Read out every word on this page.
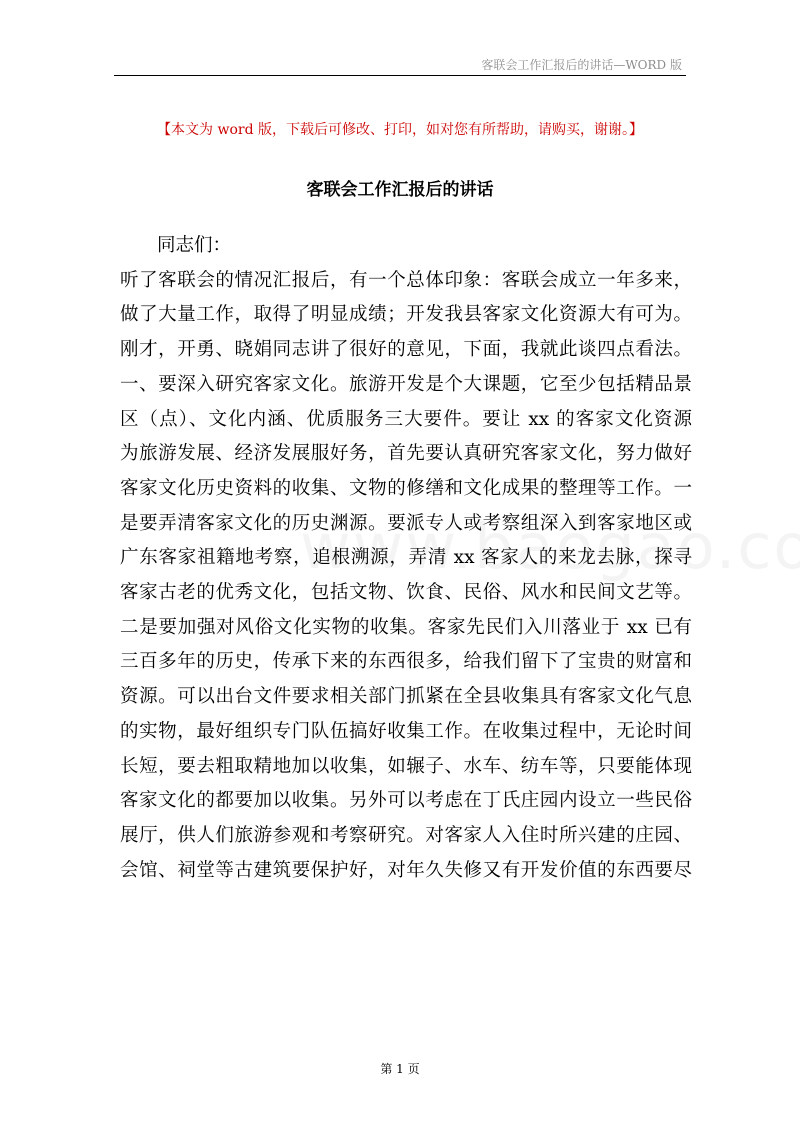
客联会工作汇报后的讲话—WORD 版
【本文为 word 版，下载后可修改、打印，如对您有所帮助，请购买，谢谢。】
客联会工作汇报后的讲话
同志们：
听了客联会的情况汇报后，有一个总体印象：客联会成立一年多来，
做了大量工作，取得了明显成绩；开发我县客家文化资源大有可为。
刚才，开勇、晓娟同志讲了很好的意见，下面，我就此谈四点看法。
一、要深入研究客家文化。旅游开发是个大课题，它至少包括精品景
区（点）、文化内涵、优质服务三大要件。要让 xx 的客家文化资源
为旅游发展、经济发展服好务，首先要认真研究客家文化，努力做好
客家文化历史资料的收集、文物的修缮和文化成果的整理等工作。一
是要弄清客家文化的历史渊源。要派专人或考察组深入到客家地区或
广东客家祖籍地考察，追根溯源，弄清 xx 客家人的来龙去脉，探寻
客家古老的优秀文化，包括文物、饮食、民俗、风水和民间文艺等。
二是要加强对风俗文化实物的收集。客家先民们入川落业于 xx 已有
三百多年的历史，传承下来的东西很多，给我们留下了宝贵的财富和
资源。可以出台文件要求相关部门抓紧在全县收集具有客家文化气息
的实物，最好组织专门队伍搞好收集工作。在收集过程中，无论时间
长短，要去粗取精地加以收集，如辗子、水车、纺车等，只要能体现
客家文化的都要加以收集。另外可以考虑在丁氏庄园内设立一些民俗
展厅，供人们旅游参观和考察研究。对客家人入住时所兴建的庄园、
会馆、祠堂等古建筑要保护好，对年久失修又有开发价值的东西要尽
第 1 页
